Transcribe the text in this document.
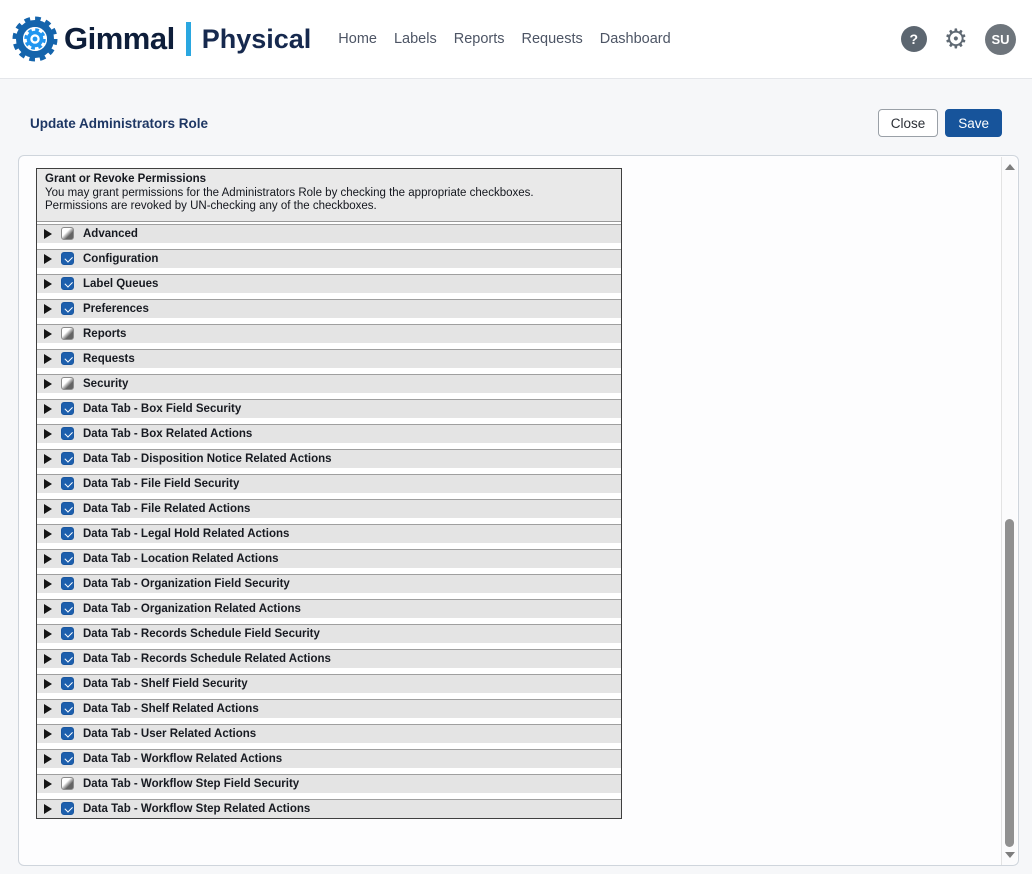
Gimmal Physical Home Labels Reports Requests Dashboard	? ⚙	SU
Update Administrators Role	Close	Save
Grant or Revoke Permissions
You may grant permissions for the Administrators Role by checking the appropriate checkboxes.
Permissions are revoked by UN-checking any of the checkboxes.
Advanced
Configuration
Label Queues
Preferences
Reports
Requests
Security
Data Tab - Box Field Security
Data Tab - Box Related Actions
Data Tab - Disposition Notice Related Actions
Data Tab - File Field Security
Data Tab - File Related Actions
Data Tab - Legal Hold Related Actions
Data Tab - Location Related Actions
Data Tab - Organization Field Security
Data Tab - Organization Related Actions
Data Tab - Records Schedule Field Security
Data Tab - Records Schedule Related Actions
Data Tab - Shelf Field Security
Data Tab - Shelf Related Actions
Data Tab - User Related Actions
Data Tab - Workflow Related Actions
Data Tab - Workflow Step Field Security
Data Tab - Workflow Step Related Actions
